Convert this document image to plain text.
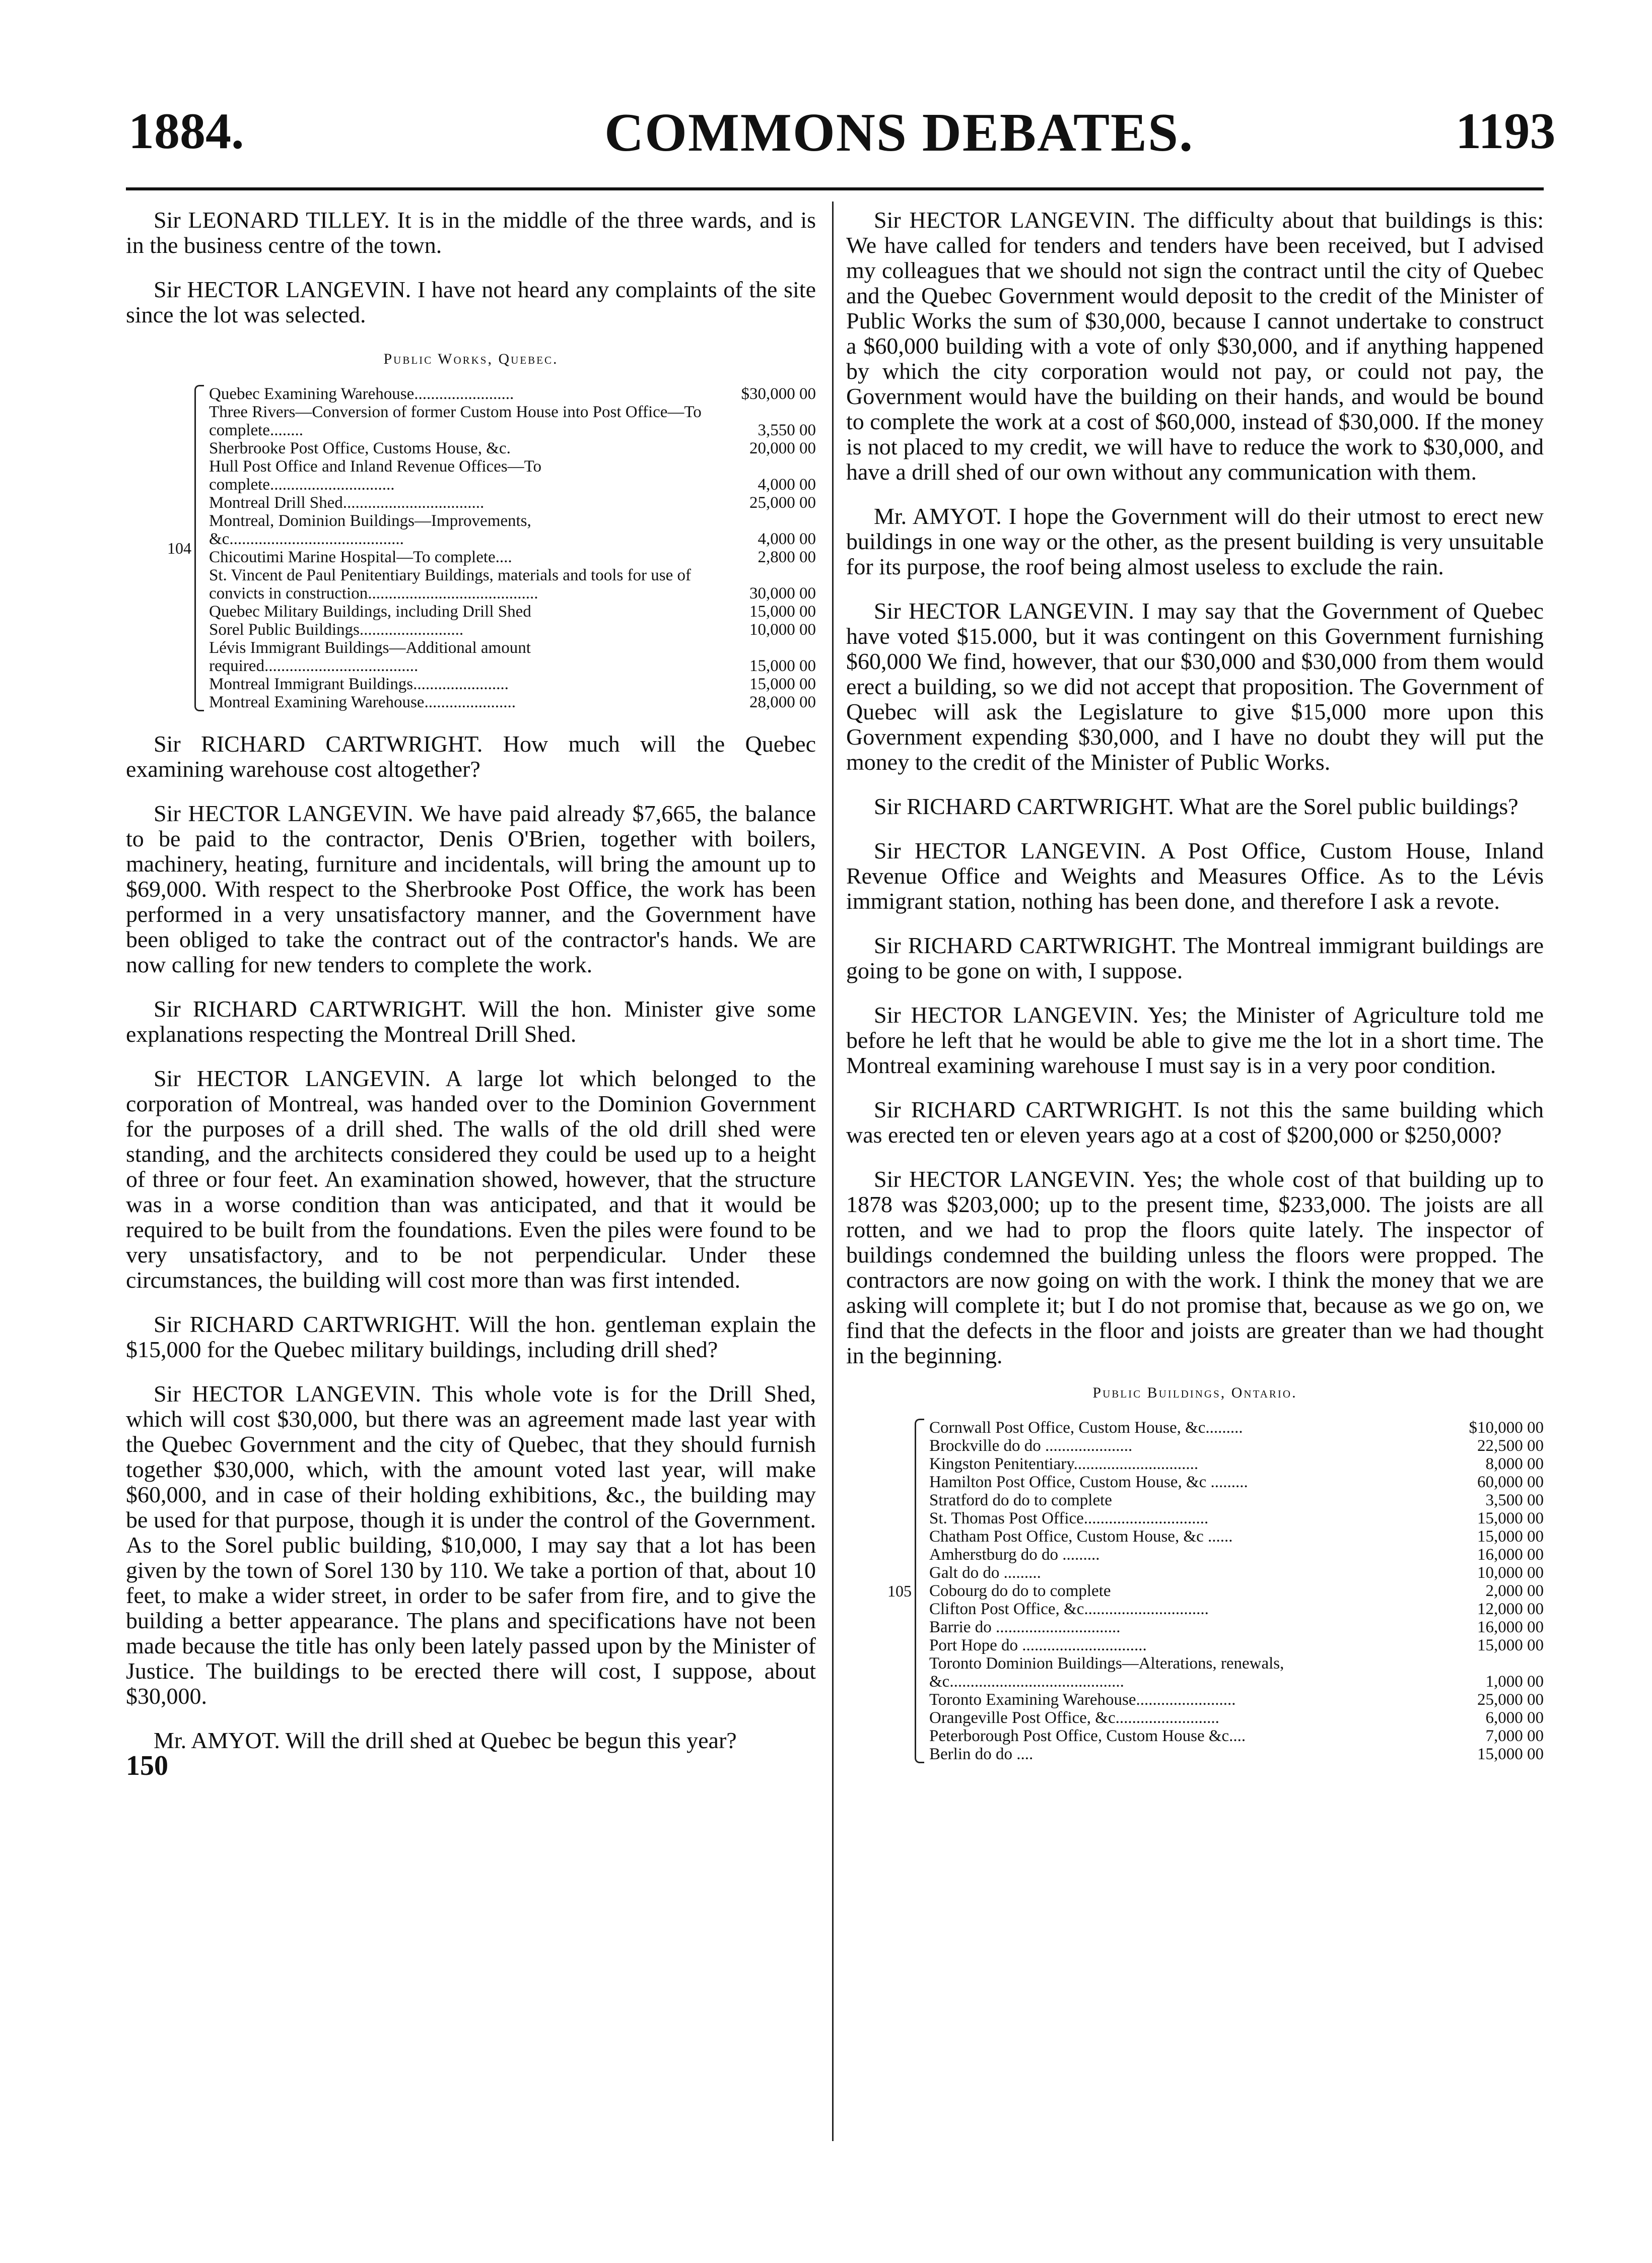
1884.	COMMONS DEBATES.	1193

Sir LEONARD TILLEY. It is in the middle of the three wards, and is in the business centre of the town.

Sir HECTOR LANGEVIN. I have not heard any complaints of the site since the lot was selected.

Public Works, Quebec.
104
Quebec Examining Warehouse........................	$30,000 00
Three Rivers—Conversion of former Custom House into Post Office—To complete........	3,550 00
Sherbrooke Post Office, Customs House, &c.	20,000 00
Hull Post Office and Inland Revenue Offices—To complete..............................	4,000 00
Montreal Drill Shed..................................	25,000 00
Montreal, Dominion Buildings—Improvements, &c..........................................	4,000 00
Chicoutimi Marine Hospital—To complete....	2,800 00
St. Vincent de Paul Penitentiary Buildings, materials and tools for use of convicts in construction.........................................	30,000 00
Quebec Military Buildings, including Drill Shed	15,000 00
Sorel Public Buildings.........................	10,000 00
Lévis Immigrant Buildings—Additional amount required.....................................	15,000 00
Montreal Immigrant Buildings.......................	15,000 00
Montreal Examining Warehouse......................	28,000 00

Sir RICHARD CARTWRIGHT. How much will the Quebec examining warehouse cost altogether?

Sir HECTOR LANGEVIN. We have paid already $7,665, the balance to be paid to the contractor, Denis O'Brien, together with boilers, machinery, heating, furniture and incidentals, will bring the amount up to $69,000. With respect to the Sherbrooke Post Office, the work has been performed in a very unsatisfactory manner, and the Government have been obliged to take the contract out of the contractor's hands. We are now calling for new tenders to complete the work.

Sir RICHARD CARTWRIGHT. Will the hon. Minister give some explanations respecting the Montreal Drill Shed.

Sir HECTOR LANGEVIN. A large lot which belonged to the corporation of Montreal, was handed over to the Dominion Government for the purposes of a drill shed. The walls of the old drill shed were standing, and the architects considered they could be used up to a height of three or four feet. An examination showed, however, that the structure was in a worse condition than was anticipated, and that it would be required to be built from the foundations. Even the piles were found to be very unsatisfactory, and to be not perpendicular. Under these circumstances, the building will cost more than was first intended.

Sir RICHARD CARTWRIGHT. Will the hon. gentleman explain the $15,000 for the Quebec military buildings, including drill shed?

Sir HECTOR LANGEVIN. This whole vote is for the Drill Shed, which will cost $30,000, but there was an agreement made last year with the Quebec Government and the city of Quebec, that they should furnish together $30,000, which, with the amount voted last year, will make $60,000, and in case of their holding exhibitions, &c., the building may be used for that purpose, though it is under the control of the Government. As to the Sorel public building, $10,000, I may say that a lot has been given by the town of Sorel 130 by 110. We take a portion of that, about 10 feet, to make a wider street, in order to be safer from fire, and to give the building a better appearance. The plans and specifications have not been made because the title has only been lately passed upon by the Minister of Justice. The buildings to be erected there will cost, I suppose, about $30,000.

Mr. AMYOT. Will the drill shed at Quebec be begun this year?

150

Sir HECTOR LANGEVIN. The difficulty about that buildings is this: We have called for tenders and tenders have been received, but I advised my colleagues that we should not sign the contract until the city of Quebec and the Quebec Government would deposit to the credit of the Minister of Public Works the sum of $30,000, because I cannot undertake to construct a $60,000 building with a vote of only $30,000, and if anything happened by which the city corporation would not pay, or could not pay, the Government would have the building on their hands, and would be bound to complete the work at a cost of $60,000, instead of $30,000. If the money is not placed to my credit, we will have to reduce the work to $30,000, and have a drill shed of our own without any communication with them.

Mr. AMYOT. I hope the Government will do their utmost to erect new buildings in one way or the other, as the present building is very unsuitable for its purpose, the roof being almost useless to exclude the rain.

Sir HECTOR LANGEVIN. I may say that the Government of Quebec have voted $15.000, but it was contingent on this Government furnishing $60,000 We find, however, that our $30,000 and $30,000 from them would erect a building, so we did not accept that proposition. The Government of Quebec will ask the Legislature to give $15,000 more upon this Government expending $30,000, and I have no doubt they will put the money to the credit of the Minister of Public Works.

Sir RICHARD CARTWRIGHT. What are the Sorel public buildings?

Sir HECTOR LANGEVIN. A Post Office, Custom House, Inland Revenue Office and Weights and Measures Office. As to the Lévis immigrant station, nothing has been done, and therefore I ask a revote.

Sir RICHARD CARTWRIGHT. The Montreal immigrant buildings are going to be gone on with, I suppose.

Sir HECTOR LANGEVIN. Yes; the Minister of Agriculture told me before he left that he would be able to give me the lot in a short time. The Montreal examining warehouse I must say is in a very poor condition.

Sir RICHARD CARTWRIGHT. Is not this the same building which was erected ten or eleven years ago at a cost of $200,000 or $250,000?

Sir HECTOR LANGEVIN. Yes; the whole cost of that building up to 1878 was $203,000; up to the present time, $233,000. The joists are all rotten, and we had to prop the floors quite lately. The inspector of buildings condemned the building unless the floors were propped. The contractors are now going on with the work. I think the money that we are asking will complete it; but I do not promise that, because as we go on, we find that the defects in the floor and joists are greater than we had thought in the beginning.

Public Buildings, Ontario.
105
Cornwall Post Office, Custom House, &c.........	$10,000 00
Brockville do do .....................	22,500 00
Kingston Penitentiary..............................	8,000 00
Hamilton Post Office, Custom House, &c .........	60,000 00
Stratford do do to complete	3,500 00
St. Thomas Post Office..............................	15,000 00
Chatham Post Office, Custom House, &c ......	15,000 00
Amherstburg do do .........	16,000 00
Galt do do .........	10,000 00
Cobourg do do to complete	2,000 00
Clifton Post Office, &c..............................	12,000 00
Barrie do ..............................	16,000 00
Port Hope do ..............................	15,000 00
Toronto Dominion Buildings—Alterations, renewals, &c..........................................	1,000 00
Toronto Examining Warehouse........................	25,000 00
Orangeville Post Office, &c.........................	6,000 00
Peterborough Post Office, Custom House &c....	7,000 00
Berlin do do ....	15,000 00
